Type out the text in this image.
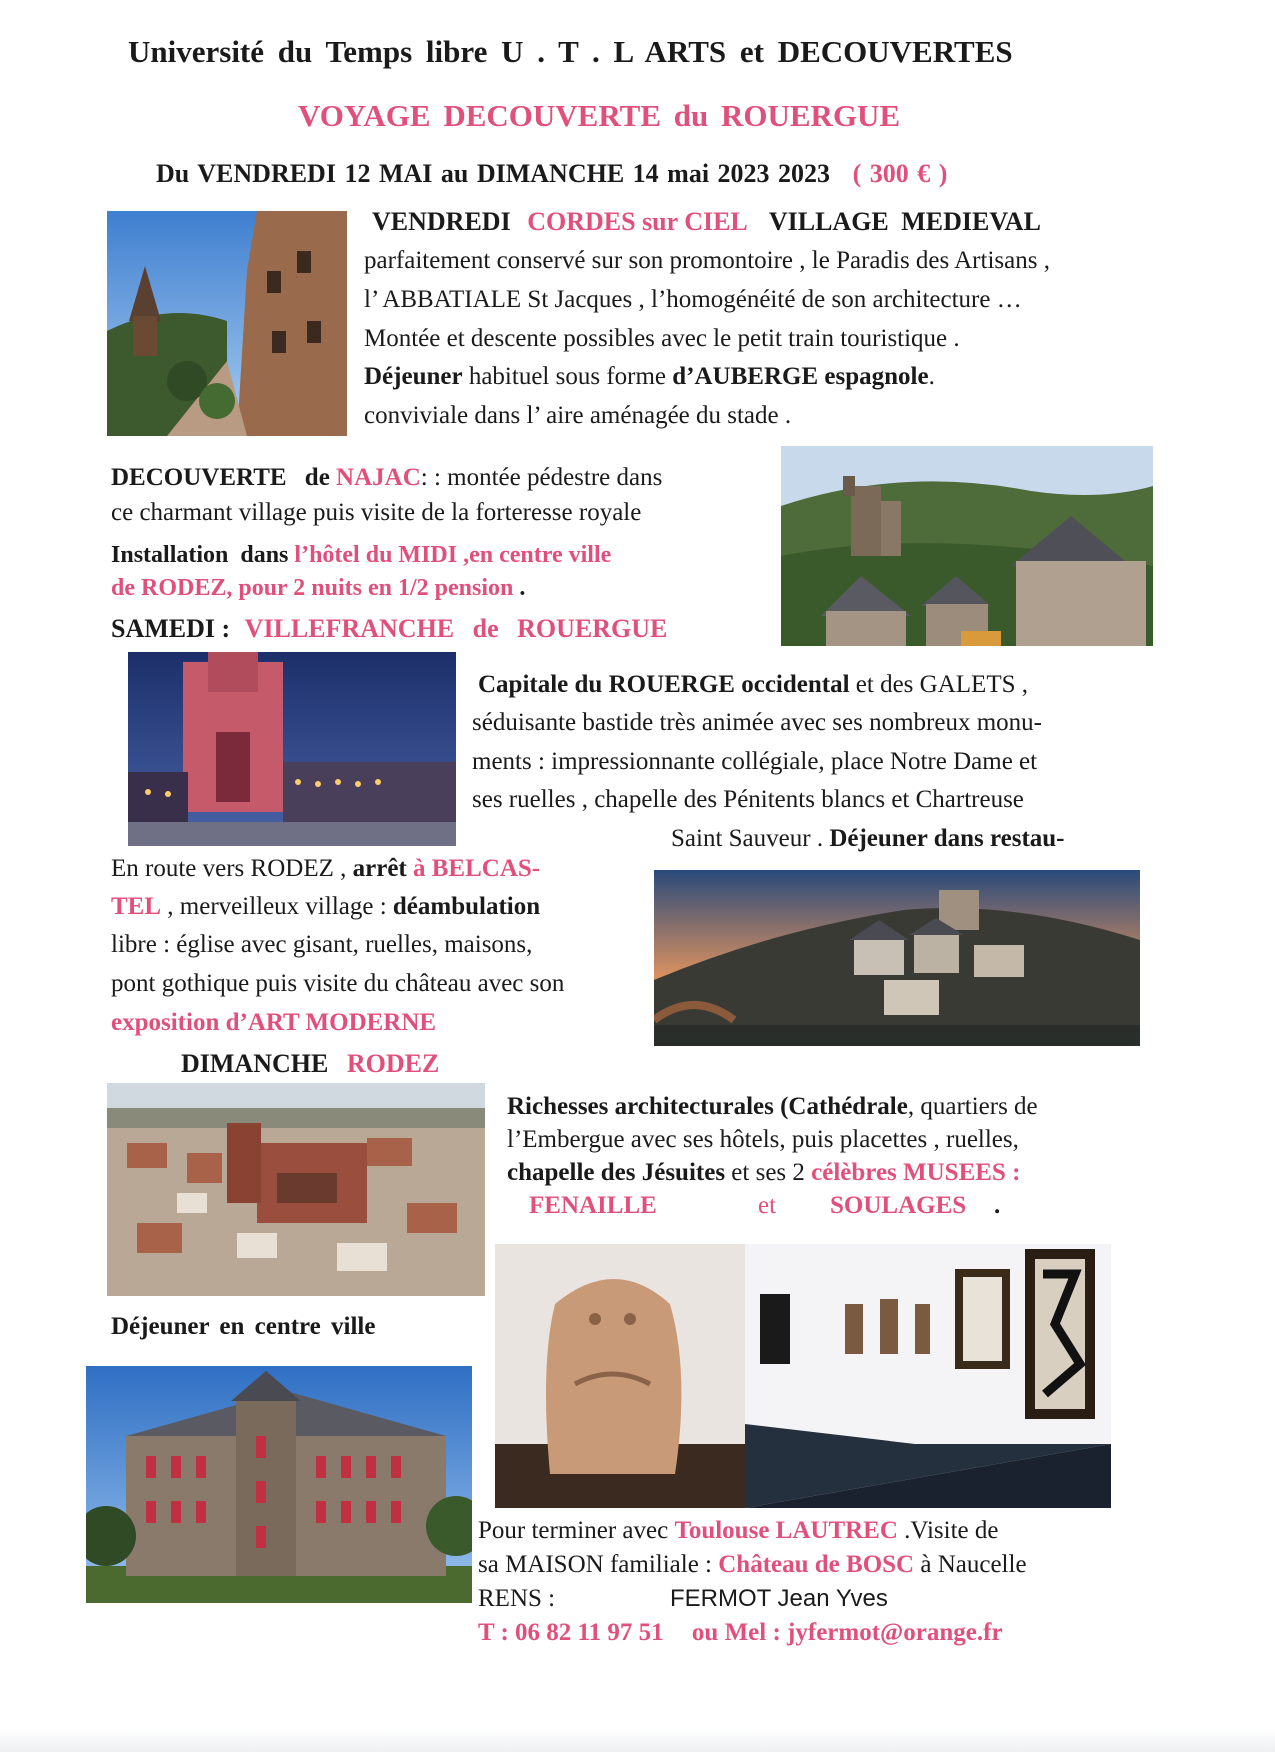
Université du Temps libre U . T . L ARTS et DECOUVERTES
VOYAGE DECOUVERTE du ROUERGUE
Du VENDREDI 12 MAI au DIMANCHE 14 mai 2023 2023 ( 300 € )
VENDREDI CORDES sur CIEL VILLAGE MEDIEVAL
parfaitement conservé sur son promontoire , le Paradis des Artisans ,
l’ ABBATIALE St Jacques , l’homogénéité de son architecture …
Montée et descente possibles avec le petit train touristique .
Déjeuner habituel sous forme d’AUBERGE espagnole.
conviviale dans l’ aire aménagée du stade .
DECOUVERTE de NAJAC: : montée pédestre dans
ce charmant village puis visite de la forteresse royale
Installation dans l’hôtel du MIDI ,en centre ville
de RODEZ, pour 2 nuits en 1/2 pension .
SAMEDI : VILLEFRANCHE de ROUERGUE
Capitale du ROUERGE occidental et des GALETS ,
séduisante bastide très animée avec ses nombreux monu-
ments : impressionnante collégiale, place Notre Dame et
ses ruelles , chapelle des Pénitents blancs et Chartreuse
Saint Sauveur . Déjeuner dans restau-
En route vers RODEZ , arrêt à BELCAS-
TEL , merveilleux village : déambulation
libre : église avec gisant, ruelles, maisons,
pont gothique puis visite du château avec son
exposition d’ART MODERNE
DIMANCHE RODEZ
Richesses architecturales (Cathédrale, quartiers de
l’Embergue avec ses hôtels, puis placettes , ruelles,
chapelle des Jésuites et ses 2 célèbres MUSEES :
FENAILLE	et SOULAGES .
Déjeuner en centre ville
Pour terminer avec Toulouse LAUTREC .Visite de
sa MAISON familiale : Château de BOSC à Naucelle
RENS :	FERMOT Jean Yves
T : 06 82 11 97 51 ou Mel : jyfermot@orange.fr
